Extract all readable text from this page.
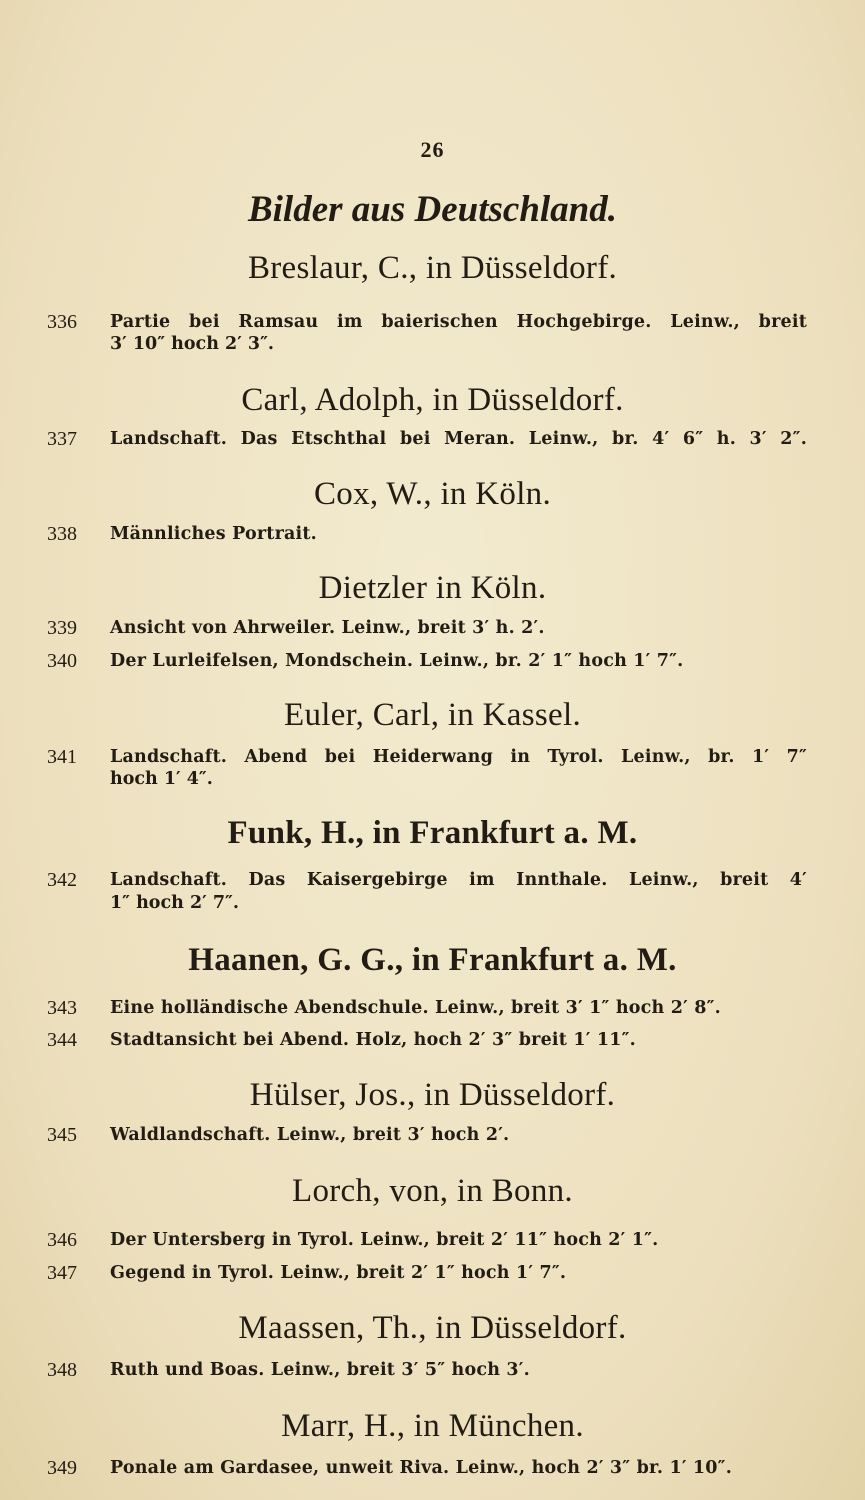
26
Bilder aus Deutschland.
Breslaur, C., in Düsseldorf.
336	Partie bei Ramsau im baierischen Hochgebirge. Leinw., breit
3′ 10″ hoch 2′ 3″.
Carl, Adolph, in Düsseldorf.
337	Landschaft. Das Etschthal bei Meran. Leinw., br. 4′ 6″ h. 3′ 2″.
Cox, W., in Köln.
338	Männliches Portrait.
Dietzler in Köln.
339	Ansicht von Ahrweiler. Leinw., breit 3′ h. 2′.
340	Der Lurleifelsen, Mondschein. Leinw., br. 2′ 1″ hoch 1′ 7″.
Euler, Carl, in Kassel.
341	Landschaft. Abend bei Heiderwang in Tyrol. Leinw., br. 1′ 7″
hoch 1′ 4″.
Funk, H., in Frankfurt a. M.
342	Landschaft. Das Kaisergebirge im Innthale. Leinw., breit 4′
1″ hoch 2′ 7″.
Haanen, G. G., in Frankfurt a. M.
343	Eine holländische Abendschule. Leinw., breit 3′ 1″ hoch 2′ 8″.
344	Stadtansicht bei Abend. Holz, hoch 2′ 3″ breit 1′ 11″.
Hülser, Jos., in Düsseldorf.
345	Waldlandschaft. Leinw., breit 3′ hoch 2′.
Lorch, von, in Bonn.
346	Der Untersberg in Tyrol. Leinw., breit 2′ 11″ hoch 2′ 1″.
347	Gegend in Tyrol. Leinw., breit 2′ 1″ hoch 1′ 7″.
Maassen, Th., in Düsseldorf.
348	Ruth und Boas. Leinw., breit 3′ 5″ hoch 3′.
Marr, H., in München.
349	Ponale am Gardasee, unweit Riva. Leinw., hoch 2′ 3″ br. 1′ 10″.
